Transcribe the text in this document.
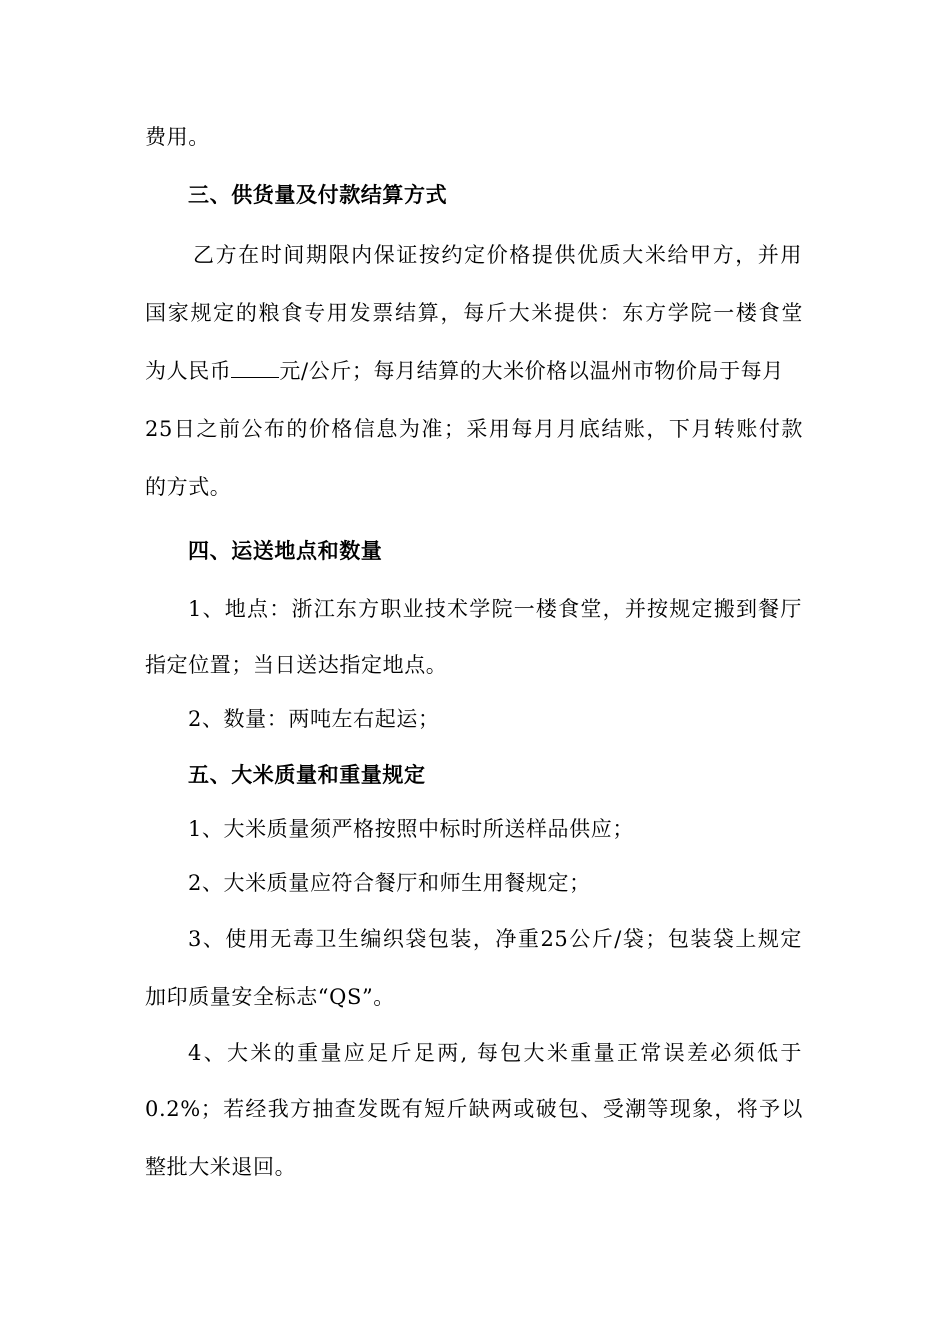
费用。
三、供货量及付款结算方式
乙方在时间期限内保证按约定价格提供优质大米给甲方，并用
国家规定的粮食专用发票结算，每斤大米提供：东方学院一楼食堂
为人民币 元/公斤；每月结算的大米价格以温州市物价局于每月
25日之前公布的价格信息为准；采用每月月底结账，下月转账付款
的方式。
四、运送地点和数量
1、地点：浙江东方职业技术学院一楼食堂，并按规定搬到餐厅
指定位置；当日送达指定地点。
2、数量：两吨左右起运；
五、大米质量和重量规定
1、大米质量须严格按照中标时所送样品供应；
2、大米质量应符合餐厅和师生用餐规定；
3、使用无毒卫生编织袋包装，净重25公斤/袋；包装袋上规定
加印质量安全标志“QS”。
4、大米的重量应足斤足两, 每包大米重量正常误差必须低于
0.2%；若经我方抽查发既有短斤缺两或破包、受潮等现象，将予以
整批大米退回。
